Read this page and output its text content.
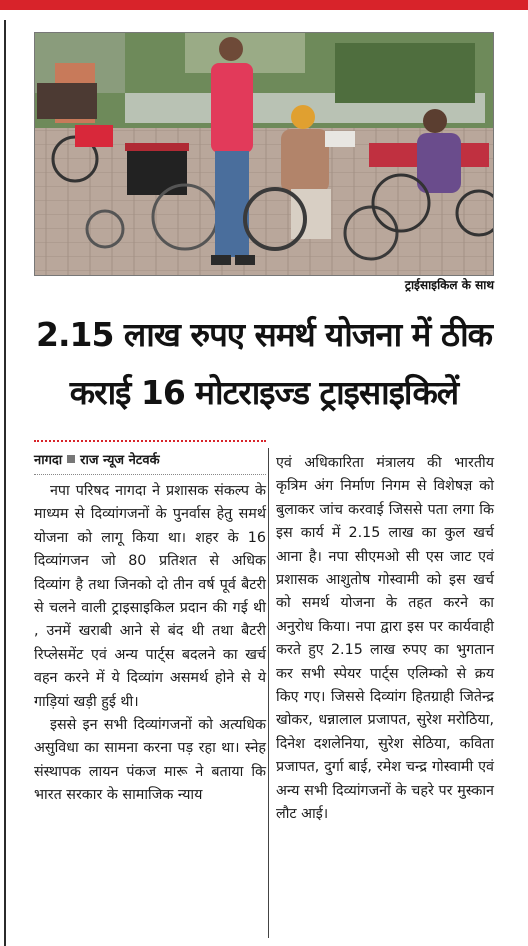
ट्राईसाइकिल के साथ
2.15 लाख रुपए समर्थ योजना में ठीक
कराई 16 मोटराइज्ड ट्राइसाइकिलें
नागदा राज न्यूज नेटवर्क

नपा परिषद नागदा ने प्रशासक संकल्प के माध्यम से दिव्यांगजनों के पुनर्वास हेतु समर्थ योजना को लागू किया था। शहर के 16 दिव्यांगजन जो 80 प्रतिशत से अधिक दिव्यांग है तथा जिनको दो तीन वर्ष पूर्व बैटरी से चलने वाली ट्राइसाइकिल प्रदान की गई थी , उनमें खराबी आने से बंद थी तथा बैटरी रिप्लेसमेंट एवं अन्य पार्ट्स बदलने का खर्च वहन करने में ये दिव्यांग असमर्थ होने से ये गाड़ियां खड़ी हुई थी।

इससे इन सभी दिव्यांगजनों को अत्यधिक असुविधा का सामना करना पड़ रहा था। स्नेह संस्थापक लायन पंकज मारू ने बताया कि भारत सरकार के सामाजिक न्याय

एवं अधिकारिता मंत्रालय की भारतीय कृत्रिम अंग निर्माण निगम से विशेषज्ञ को बुलाकर जांच करवाई जिससे पता लगा कि इस कार्य में 2.15 लाख का कुल खर्च आना है। नपा सीएमओ सी एस जाट एवं प्रशासक आशुतोष गोस्वामी को इस खर्च को समर्थ योजना के तहत करने का अनुरोध किया। नपा द्वारा इस पर कार्यवाही करते हुए 2.15 लाख रुपए का भुगतान कर सभी स्पेयर पार्ट्स एलिम्को से क्रय किए गए। जिससे दिव्यांग हितग्राही जितेन्द्र खोकर, धन्नालाल प्रजापत, सुरेश मरोठिया, दिनेश दशलेनिया, सुरेश सेठिया, कविता प्रजापत, दुर्गा बाई, रमेश चन्द्र गोस्वामी एवं अन्य सभी दिव्यांगजनों के चहरे पर मुस्कान लौट आई।
